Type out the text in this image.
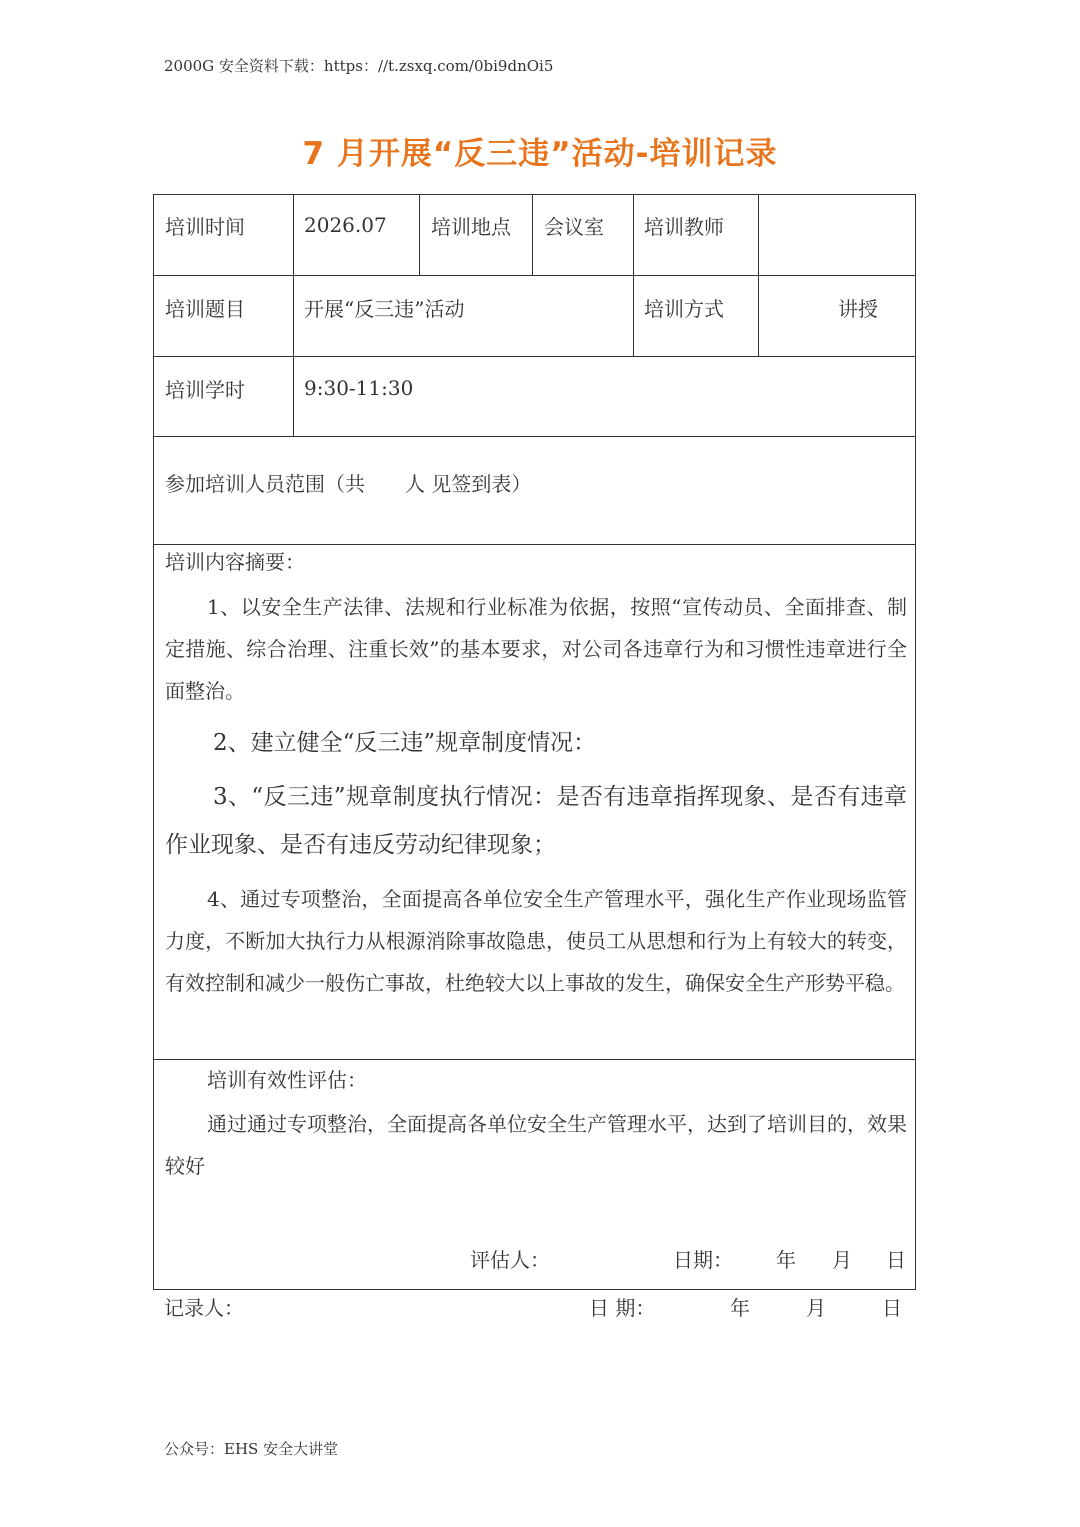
2000G 安全资料下载：https：//t.zsxq.com/0bi9dnOi5
7 月开展“反三违”活动-培训记录
培训时间	2026.07 培训地点 会议室 培训教师
培训题目	开展“反三违”活动	培训方式	讲授
培训学时	9:30-11:30
参加培训人员范围（共　　人 见签到表）
培训内容摘要：
1、以安全生产法律、法规和行业标准为依据，按照“宣传动员、全面排查、制定措施、综合治理、注重长效”的基本要求，对公司各违章行为和习惯性违章进行全面整治。
2、建立健全“反三违”规章制度情况：
3、“反三违”规章制度执行情况：是否有违章指挥现象、是否有违章作业现象、是否有违反劳动纪律现象；
4、通过专项整治，全面提高各单位安全生产管理水平，强化生产作业现场监管力度，不断加大执行力从根源消除事故隐患，使员工从思想和行为上有较大的转变，有效控制和减少一般伤亡事故，杜绝较大以上事故的发生，确保安全生产形势平稳。
培训有效性评估：
通过通过专项整治，全面提高各单位安全生产管理水平，达到了培训目的，效果较好
评估人：	日期： 年 月 日
记录人：	日 期：	年	月	日
公众号：EHS 安全大讲堂
